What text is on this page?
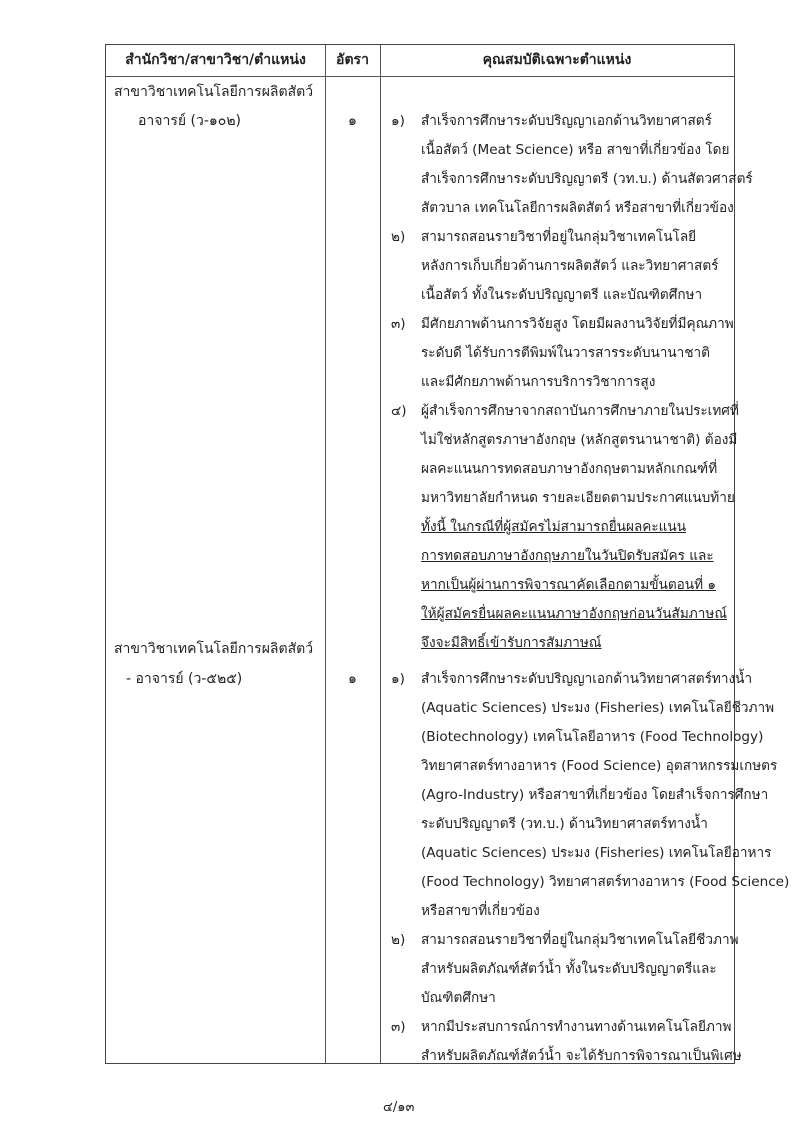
สำนักวิชา/สาขาวิชา/ตำแหน่ง	อัตรา	คุณสมบัติเฉพาะตำแหน่ง
สาขาวิชาเทคโนโลยีการผลิตสัตว์
อาจารย์ (ว-๑๐๒)	๑	๑) สำเร็จการศึกษาระดับปริญญาเอกด้านวิทยาศาสตร์
เนื้อสัตว์ (Meat Science) หรือ สาขาที่เกี่ยวข้อง โดย
สำเร็จการศึกษาระดับปริญญาตรี (วท.บ.) ด้านสัตวศาสตร์
สัตวบาล เทคโนโลยีการผลิตสัตว์ หรือสาขาที่เกี่ยวข้อง
๒) สามารถสอนรายวิชาที่อยู่ในกลุ่มวิชาเทคโนโลยี
หลังการเก็บเกี่ยวด้านการผลิตสัตว์ และวิทยาศาสตร์
เนื้อสัตว์ ทั้งในระดับปริญญาตรี และบัณฑิตศึกษา
๓) มีศักยภาพด้านการวิจัยสูง โดยมีผลงานวิจัยที่มีคุณภาพ
ระดับดี ได้รับการตีพิมพ์ในวารสารระดับนานาชาติ
และมีศักยภาพด้านการบริการวิชาการสูง
๔) ผู้สำเร็จการศึกษาจากสถาบันการศึกษาภายในประเทศที่
ไม่ใช่หลักสูตรภาษาอังกฤษ (หลักสูตรนานาชาติ) ต้องมี
ผลคะแนนการทดสอบภาษาอังกฤษตามหลักเกณฑ์ที่
มหาวิทยาลัยกำหนด รายละเอียดตามประกาศแนบท้าย
ทั้งนี้ ในกรณีที่ผู้สมัครไม่สามารถยื่นผลคะแนน
การทดสอบภาษาอังกฤษภายในวันปิดรับสมัคร และ
หากเป็นผู้ผ่านการพิจารณาคัดเลือกตามขั้นตอนที่ ๑
ให้ผู้สมัครยื่นผลคะแนนภาษาอังกฤษก่อนวันสัมภาษณ์
จึงจะมีสิทธิ์เข้ารับการสัมภาษณ์
สาขาวิชาเทคโนโลยีการผลิตสัตว์
- อาจารย์ (ว-๕๒๕)	๑	๑) สำเร็จการศึกษาระดับปริญญาเอกด้านวิทยาศาสตร์ทางน้ำ
(Aquatic Sciences) ประมง (Fisheries) เทคโนโลยีชีวภาพ
(Biotechnology) เทคโนโลยีอาหาร (Food Technology)
วิทยาศาสตร์ทางอาหาร (Food Science) อุตสาหกรรมเกษตร
(Agro-Industry) หรือสาขาที่เกี่ยวข้อง โดยสำเร็จการศึกษา
ระดับปริญญาตรี (วท.บ.) ด้านวิทยาศาสตร์ทางน้ำ
(Aquatic Sciences) ประมง (Fisheries) เทคโนโลยีอาหาร
(Food Technology) วิทยาศาสตร์ทางอาหาร (Food Science)
หรือสาขาที่เกี่ยวข้อง
๒) สามารถสอนรายวิชาที่อยู่ในกลุ่มวิชาเทคโนโลยีชีวภาพ
สำหรับผลิตภัณฑ์สัตว์น้ำ ทั้งในระดับปริญญาตรีและ
บัณฑิตศึกษา
๓) หากมีประสบการณ์การทำงานทางด้านเทคโนโลยีภาพ
สำหรับผลิตภัณฑ์สัตว์น้ำ จะได้รับการพิจารณาเป็นพิเศษ
๔/๑๓
